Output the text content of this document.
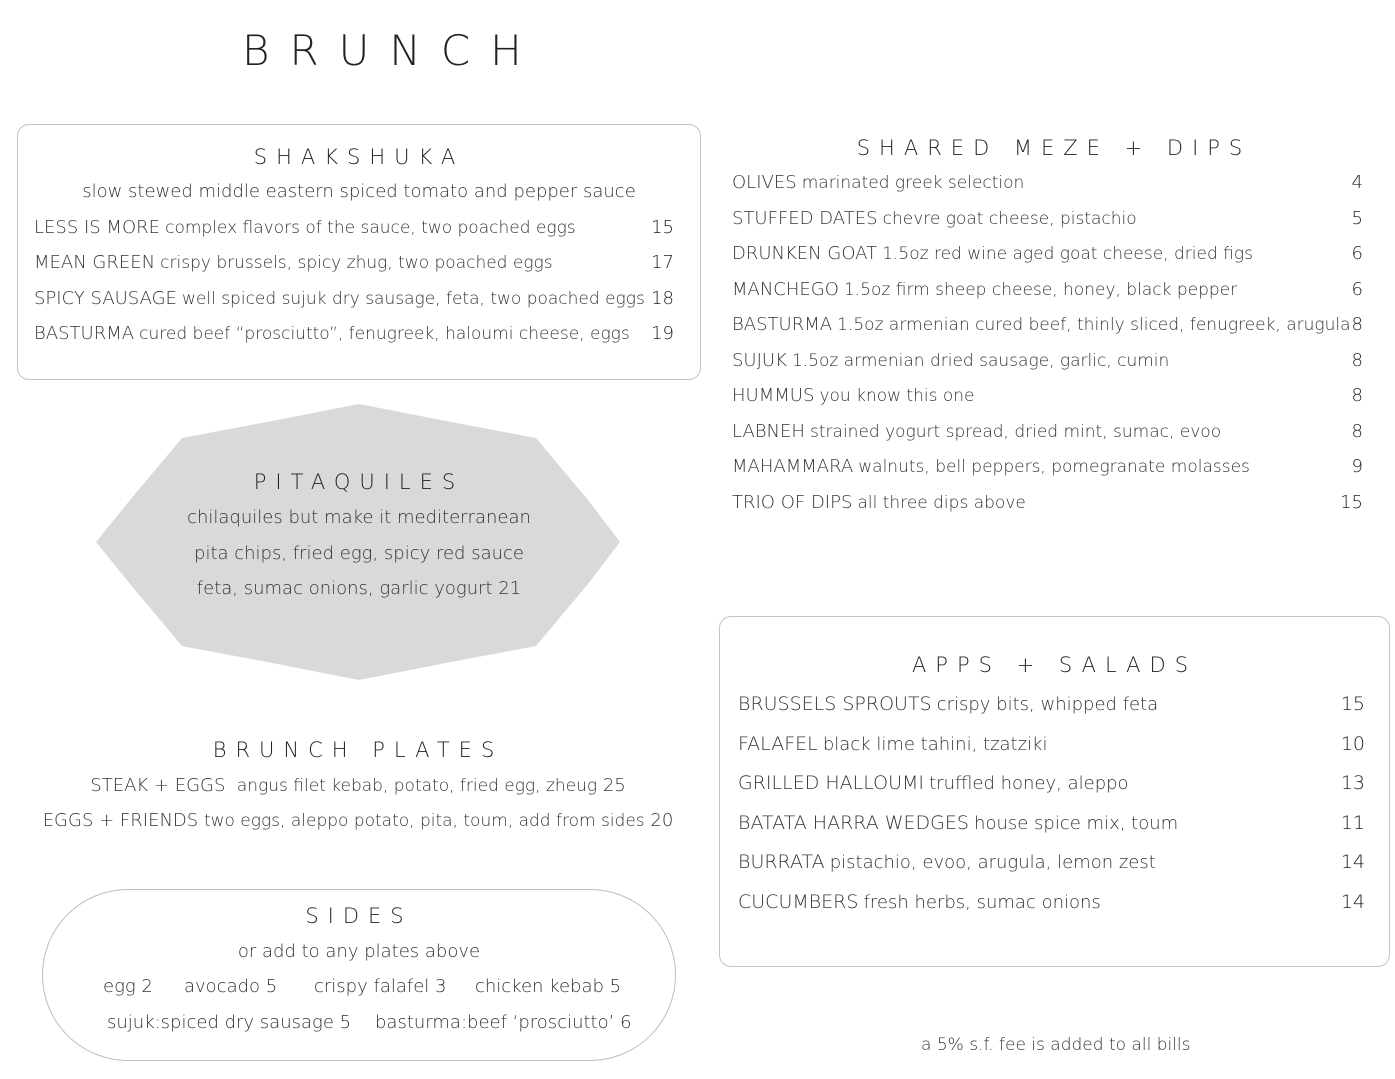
BRUNCH
SHAKSHUKA
slow stewed middle eastern spiced tomato and pepper sauce
LESS IS MORE complex flavors of the sauce, two poached eggs	15
MEAN GREEN crispy brussels, spicy zhug, two poached eggs	17
SPICY SAUSAGE well spiced sujuk dry sausage, feta, two poached eggs 18
BASTURMA cured beef “prosciutto”, fenugreek, haloumi cheese, eggs 19
PITAQUILES
chilaquiles but make it mediterranean
pita chips, fried egg, spicy red sauce
feta, sumac onions, garlic yogurt 21
BRUNCH PLATES
STEAK + EGGS angus filet kebab, potato, fried egg, zheug 25
EGGS + FRIENDS two eggs, aleppo potato, pita, toum, add from sides 20
SIDES
or add to any plates above
egg 2 avocado 5 crispy falafel 3 chicken kebab 5
sujuk:spiced dry sausage 5 basturma:beef ‘prosciutto’ 6
SHARED MEZE + DIPS
OLIVES marinated greek selection	4
STUFFED DATES chevre goat cheese, pistachio	5
DRUNKEN GOAT 1.5oz red wine aged goat cheese, dried figs	6
MANCHEGO 1.5oz firm sheep cheese, honey, black pepper	6
BASTURMA 1.5oz armenian cured beef, thinly sliced, fenugreek, arugula 8
SUJUK 1.5oz armenian dried sausage, garlic, cumin	8
HUMMUS you know this one	8
LABNEH strained yogurt spread, dried mint, sumac, evoo	8
MAHAMMARA walnuts, bell peppers, pomegranate molasses	9
TRIO OF DIPS all three dips above	15
APPS + SALADS
BRUSSELS SPROUTS crispy bits, whipped feta	15
FALAFEL black lime tahini, tzatziki	10
GRILLED HALLOUMI truffled honey, aleppo	13
BATATA HARRA WEDGES house spice mix, toum	11
BURRATA pistachio, evoo, arugula, lemon zest	14
CUCUMBERS fresh herbs, sumac onions	14
a 5% s.f. fee is added to all bills
